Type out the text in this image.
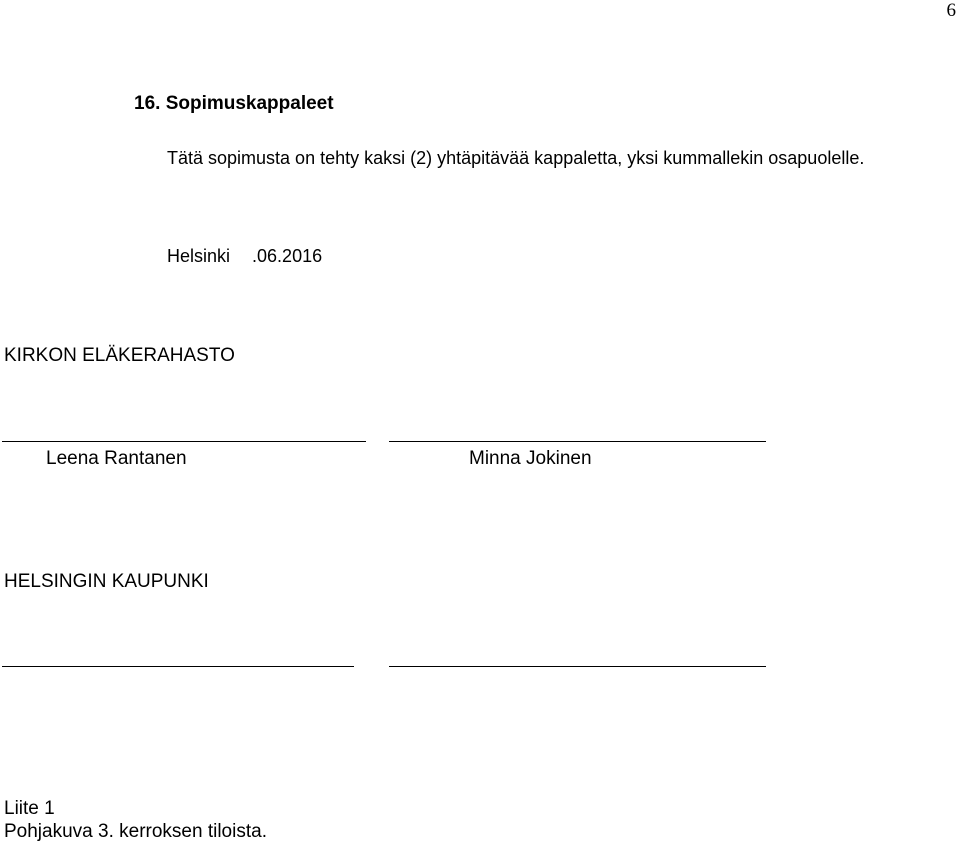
6
16. Sopimuskappaleet
Tätä sopimusta on tehty kaksi (2) yhtäpitävää kappaletta, yksi kummallekin osapuolelle.
Helsinki .06.2016
KIRKON ELÄKERAHASTO
Leena Rantanen	Minna Jokinen
HELSINGIN KAUPUNKI
Liite 1
Pohjakuva 3. kerroksen tiloista.
